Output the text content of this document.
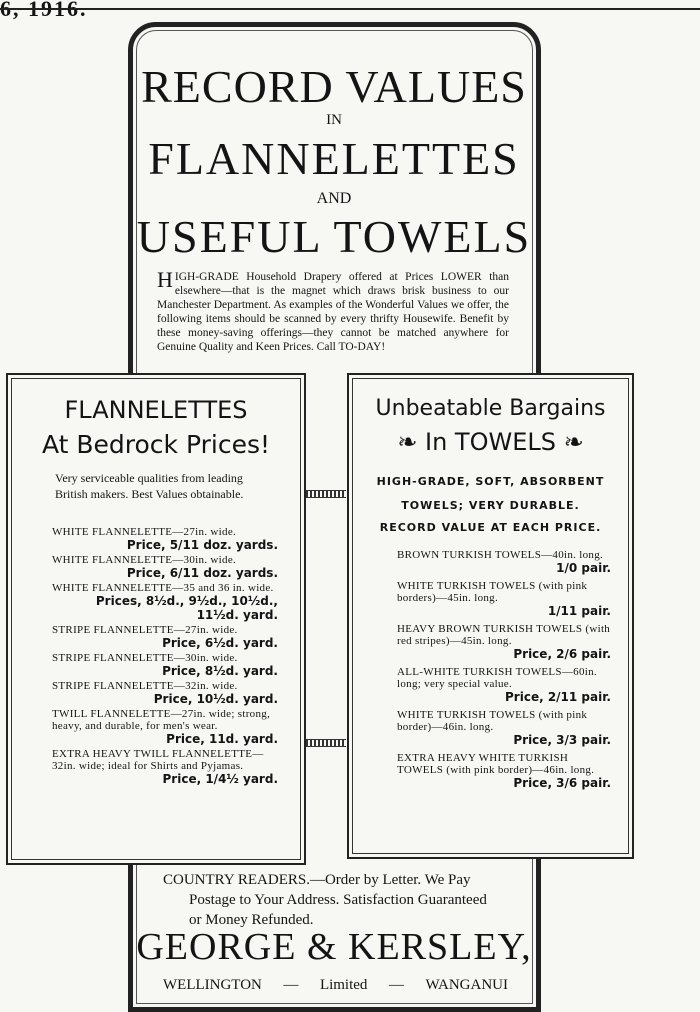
6, 1916.
RECORD VALUES
IN
FLANNELETTES
AND
USEFUL TOWELS
HIGH-GRADE Household Drapery offered at Prices LOWER than elsewhere—that is the magnet which draws brisk business to our Manchester Department. As examples of the Wonderful Values we offer, the following items should be scanned by every thrifty Housewife. Benefit by these money-saving offerings—they cannot be matched anywhere for Genuine Quality and Keen Prices. Call TO-DAY!
FLANNELETTES
At Bedrock Prices!
Very serviceable qualities from leading British makers. Best Values obtainable.
WHITE FLANNELETTE—27in. wide.
Price, 5/11 doz. yards.
WHITE FLANNELETTE—30in. wide.
Price, 6/11 doz. yards.
WHITE FLANNELETTE—35 and 36 in. wide.
Prices, 8½d., 9½d., 10½d., 11½d. yard.
STRIPE FLANNELETTE—27in. wide.
Price, 6½d. yard.
STRIPE FLANNELETTE—30in. wide.
Price, 8½d. yard.
STRIPE FLANNELETTE—32in. wide.
Price, 10½d. yard.
TWILL FLANNELETTE—27in. wide; strong, heavy, and durable, for men's wear.
Price, 11d. yard.
EXTRA HEAVY TWILL FLANNELETTE—32in. wide; ideal for Shirts and Pyjamas.
Price, 1/4½ yard.
Unbeatable Bargains
❧ In TOWELS ❧
HIGH-GRADE, SOFT, ABSORBENT
TOWELS; VERY DURABLE.
RECORD VALUE AT EACH PRICE.
BROWN TURKISH TOWELS—40in. long.
1/0 pair.
WHITE TURKISH TOWELS (with pink borders)—45in. long.
1/11 pair.
HEAVY BROWN TURKISH TOWELS (with red stripes)—45in. long.
Price, 2/6 pair.
ALL-WHITE TURKISH TOWELS—60in. long; very special value.
Price, 2/11 pair.
WHITE TURKISH TOWELS (with pink border)—46in. long.
Price, 3/3 pair.
EXTRA HEAVY WHITE TURKISH TOWELS (with pink border)—46in. long.
Price, 3/6 pair.
COUNTRY READERS.—Order by Letter. We Pay
Postage to Your Address. Satisfaction Guaranteed
or Money Refunded.
GEORGE & KERSLEY,
WELLINGTON — Limited — WANGANUI
